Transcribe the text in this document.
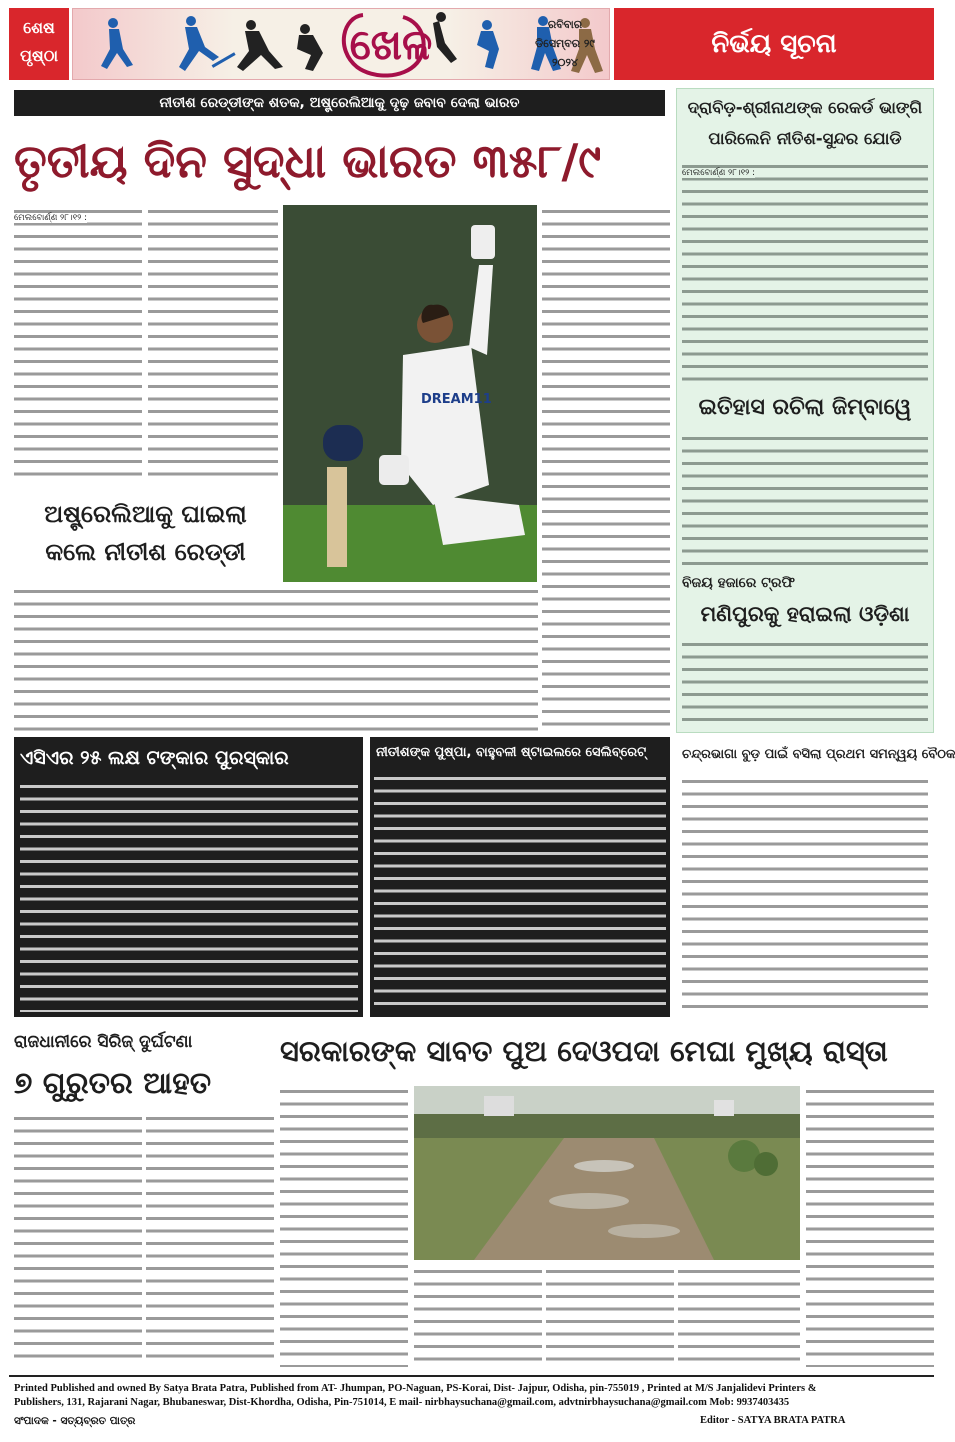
ଶେଷ
ପୃଷ୍ଠା	ଖେଳ	ରବିବାର
ଡିସେମ୍ବର ୨୯
୨୦୨୪
ନିର୍ଭୟ ସୂଚନା
ନୀତୀଶ ରେଡ୍ଡୀଙ୍କ ଶତକ, ଅଷ୍ଟ୍ରେଲିଆକୁ ଦୃଢ଼ ଜବାବ ଦେଲା ଭାରତ
ତୃତୀୟ ଦିନ ସୁଦ୍ଧା ଭାରତ ୩୫୮/୯
ମେଲବୋର୍ଣ୍ଣ ୨୮।୧୨ :
DREAM11
ଅଷ୍ଟ୍ରେଲିଆକୁ ଘାଇଲା
କଲେ ନୀତୀଶ ରେଡ୍ଡୀ
ଦ୍ରାବିଡ଼-ଶ୍ରୀନାଥଙ୍କ ରେକର୍ଡ ଭାଙ୍ଗି
ପାରିଲେନି ନୀତିଶ-ସୁନ୍ଦର ଯୋଡି
ମେଲବୋର୍ଣ୍ଣ ୨୮।୧୨ :
ଇତିହାସ ରଚିଲା ଜିମ୍ବାୱେ
ବିଜୟ ହଜାରେ ଟ୍ରଫି
ମଣିପୁରକୁ ହରାଇଲା ଓଡ଼ିଶା
ଏସିଏର ୨୫ ଲକ୍ଷ ଟଙ୍କାର ପୁରସ୍କାର	ନୀତୀଶଙ୍କ ପୁଷ୍ପା, ବାହୁବଳୀ ଷ୍ଟାଇଲରେ ସେଲିବ୍ରେଟ୍	ଚନ୍ଦ୍ରଭାଗା ବୁଡ଼ ପାଇଁ ବସିଲା ପ୍ରଥମ ସମନ୍ୱୟ ବୈଠକ
ରାଜଧାନୀରେ ସିରିଜ୍ ଦୁର୍ଘଟଣା
୭ ଗୁରୁତର ଆହତ
ସରକାରଙ୍କ ସାବତ ପୁଅ ଦେଓପଦା ମେଘା ମୁଖ୍ୟ ରାସ୍ତା
Printed Published and owned By Satya Brata Patra, Published from AT- Jhumpan, PO-Naguan, PS-Korai, Dist- Jajpur, Odisha, pin-755019 , Printed at M/S Janjalidevi Printers &
Publishers, 131, Rajarani Nagar, Bhubaneswar, Dist-Khordha, Odisha, Pin-751014, E mail- nirbhaysuchana@gmail.com, advtnirbhaysuchana@gmail.com Mob: 9937403435
ସଂପାଦକ - ସତ୍ୟବ୍ରତ ପାତ୍ର	Editor - SATYA BRATA PATRA
